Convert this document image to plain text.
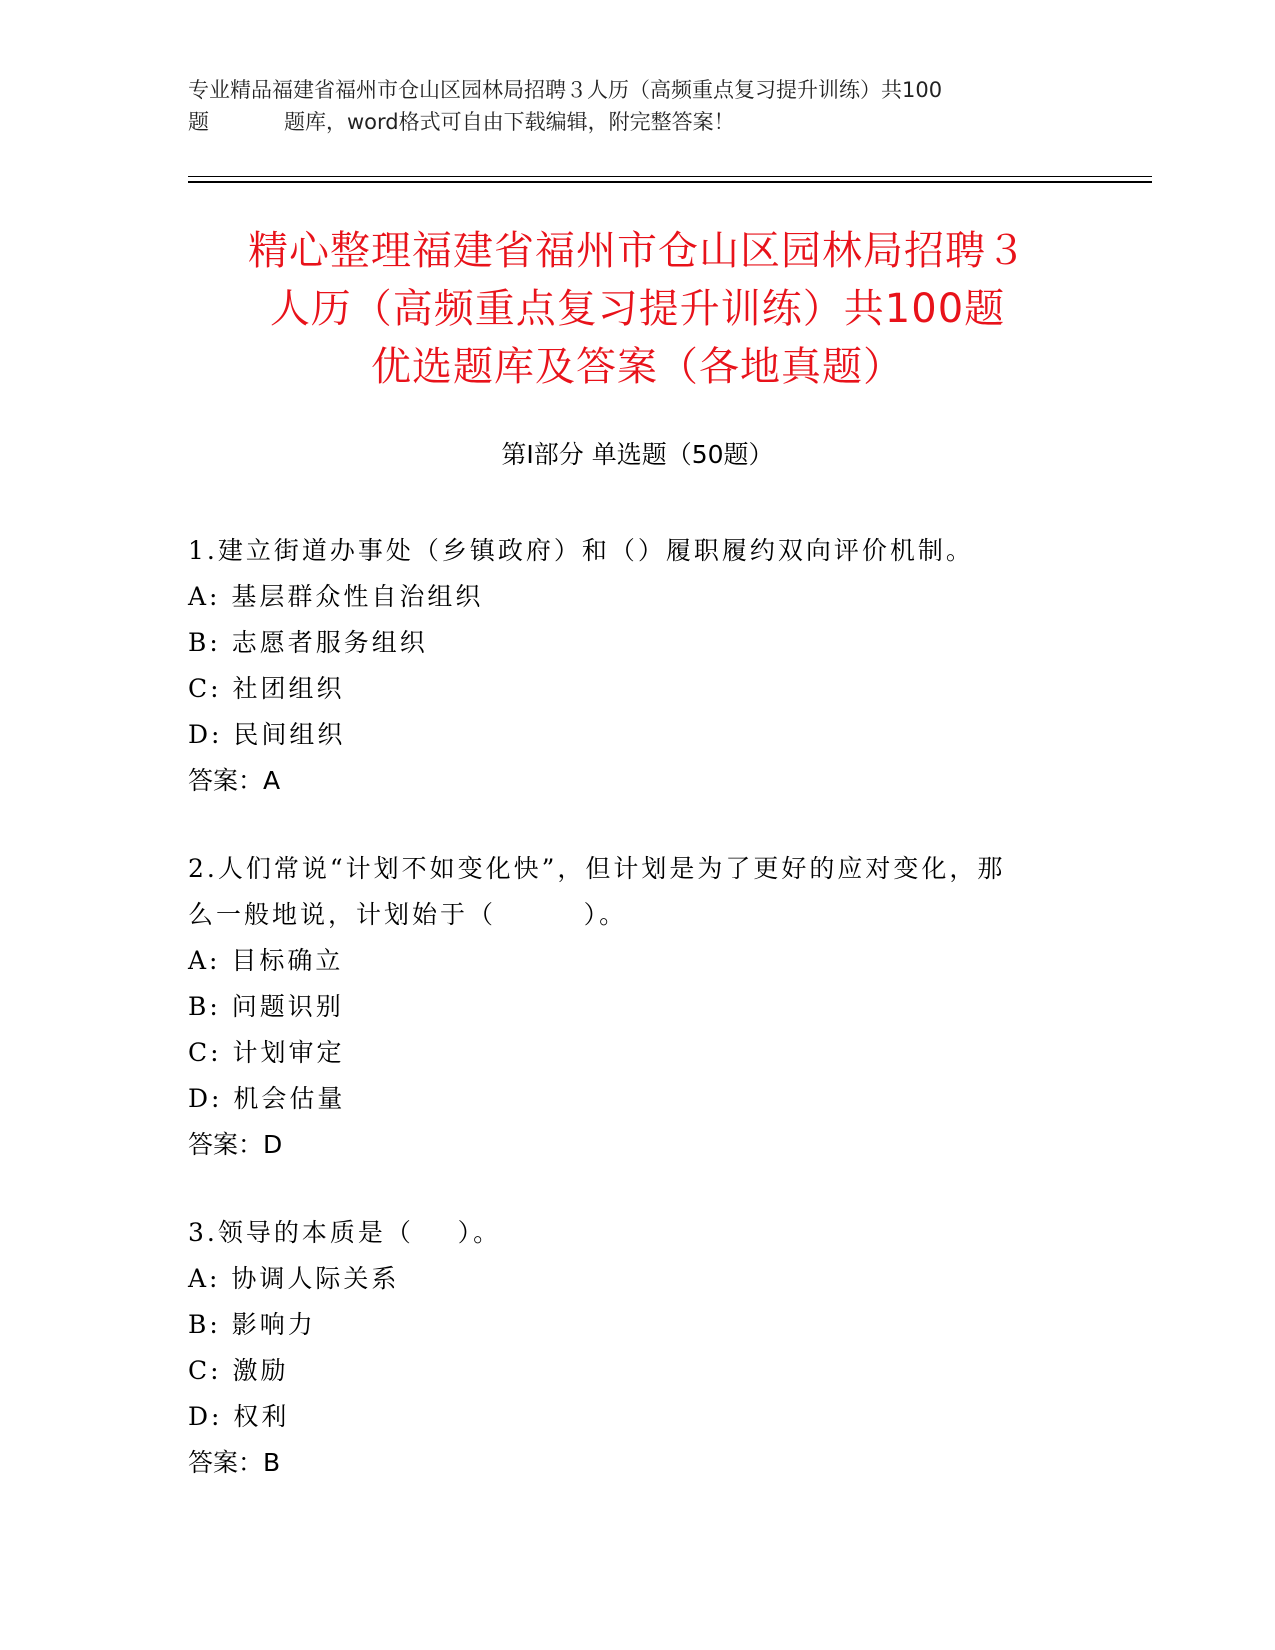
专业精品福建省福州市仓山区园林局招聘３人历（高频重点复习提升训练）共100
题	题库，word格式可自由下载编辑，附完整答案！
精心整理福建省福州市仓山区园林局招聘３
人历（高频重点复习提升训练）共100题
优选题库及答案（各地真题）
第Ⅰ部分 单选题（50题）
1.建立街道办事处（乡镇政府）和（）履职履约双向评价机制。
A: 基层群众性自治组织
B: 志愿者服务组织
C: 社团组织
D: 民间组织
答案：A
2.人们常说“计划不如变化快”，但计划是为了更好的应对变化，那
么一般地说，计划始于（        ）。
A: 目标确立
B: 问题识别
C: 计划审定
D: 机会估量
答案：D
3.领导的本质是（    ）。
A: 协调人际关系
B: 影响力
C: 激励
D: 权利
答案：B
